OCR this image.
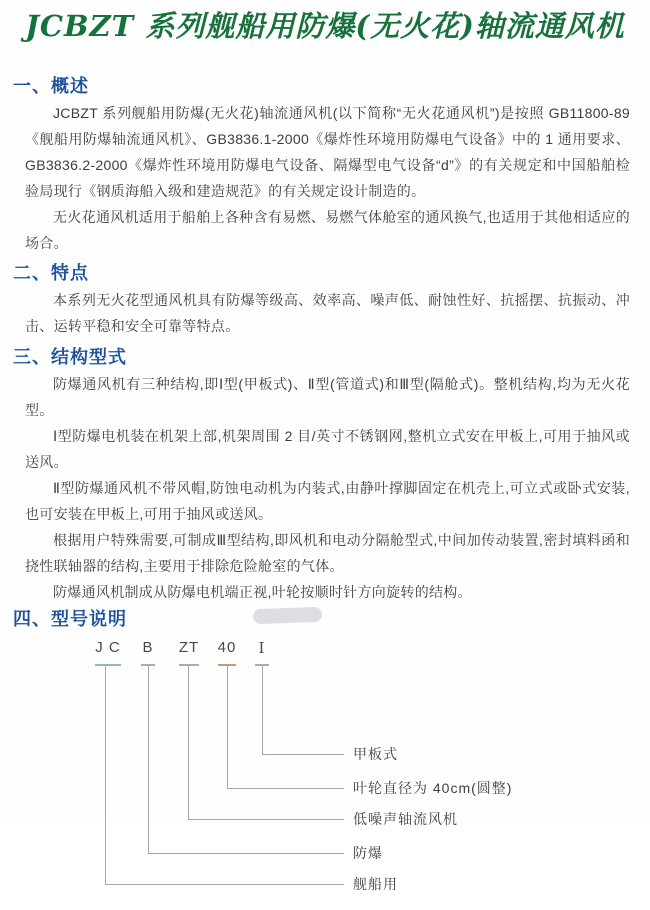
JCBZT 系列舰船用防爆(无火花)轴流通风机
一、概述

JCBZT 系列舰船用防爆(无火花)轴流通风机(以下简称“无火花通风机”)是按照 GB11800-89《舰船用防爆轴流通风机》、GB3836.1-2000《爆炸性环境用防爆电气设备》中的 1 通用要求、GB3836.2-2000《爆炸性环境用防爆电气设备、隔爆型电气设备“d”》的有关规定和中国船舶检验局现行《钢质海船入级和建造规范》的有关规定设计制造的。

无火花通风机适用于船舶上各种含有易燃、易燃气体舱室的通风换气,也适用于其他相适应的场合。

二、特点

本系列无火花型通风机具有防爆等级高、效率高、噪声低、耐蚀性好、抗摇摆、抗振动、冲击、运转平稳和安全可靠等特点。

三、结构型式

防爆通风机有三种结构,即Ⅰ型(甲板式)、Ⅱ型(管道式)和Ⅲ型(隔舱式)。整机结构,均为无火花型。

Ⅰ型防爆电机装在机架上部,机架周围 2 目/英寸不锈钢网,整机立式安在甲板上,可用于抽风或送风。

Ⅱ型防爆通风机不带风帽,防蚀电动机为内装式,由静叶撑脚固定在机壳上,可立式或卧式安装,也可安装在甲板上,可用于抽风或送风。

根据用户特殊需要,可制成Ⅲ型结构,即风机和电动分隔舱型式,中间加传动装置,密封填料函和挠性联轴器的结构,主要用于排除危险舱室的气体。

防爆通风机制成从防爆电机端正视,叶轮按顺时针方向旋转的结构。

四、型号说明
J C B ZT 40 I
甲板式
叶轮直径为 40cm(圆整)
低噪声轴流风机
防爆
舰船用
